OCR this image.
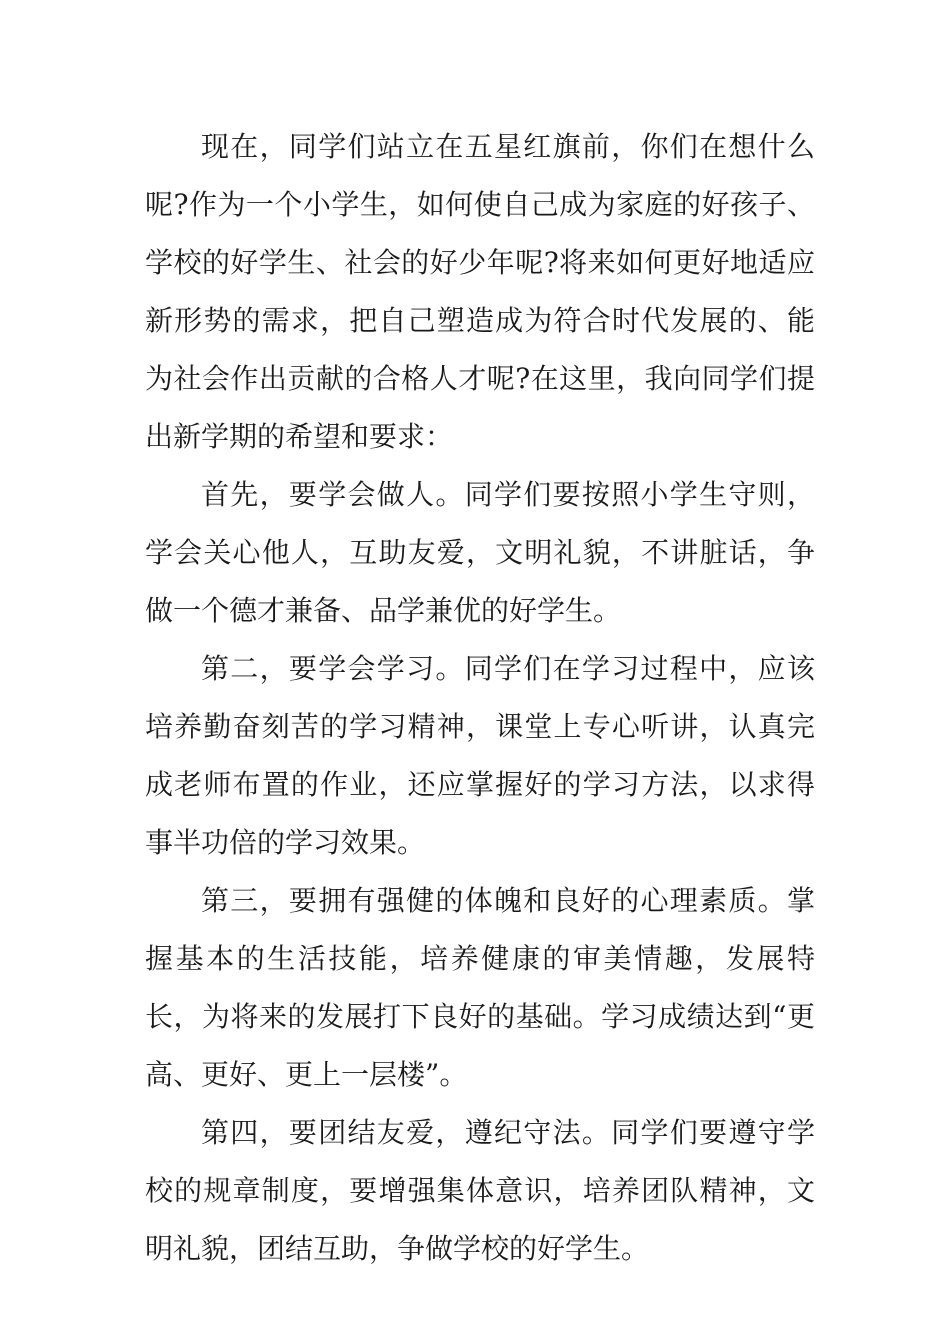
现在，同学们站立在五星红旗前，你们在想什么呢?作为一个小学生，如何使自己成为家庭的好孩子、学校的好学生、社会的好少年呢?将来如何更好地适应新形势的需求，把自己塑造成为符合时代发展的、能为社会作出贡献的合格人才呢?在这里，我向同学们提出新学期的希望和要求：

首先，要学会做人。同学们要按照小学生守则，学会关心他人，互助友爱，文明礼貌，不讲脏话，争做一个德才兼备、品学兼优的好学生。

第二，要学会学习。同学们在学习过程中，应该培养勤奋刻苦的学习精神，课堂上专心听讲，认真完成老师布置的作业，还应掌握好的学习方法，以求得事半功倍的学习效果。

第三，要拥有强健的体魄和良好的心理素质。掌握基本的生活技能，培养健康的审美情趣，发展特长，为将来的发展打下良好的基础。学习成绩达到“更高、更好、更上一层楼”。

第四，要团结友爱，遵纪守法。同学们要遵守学校的规章制度，要增强集体意识，培养团队精神，文明礼貌，团结互助，争做学校的好学生。
